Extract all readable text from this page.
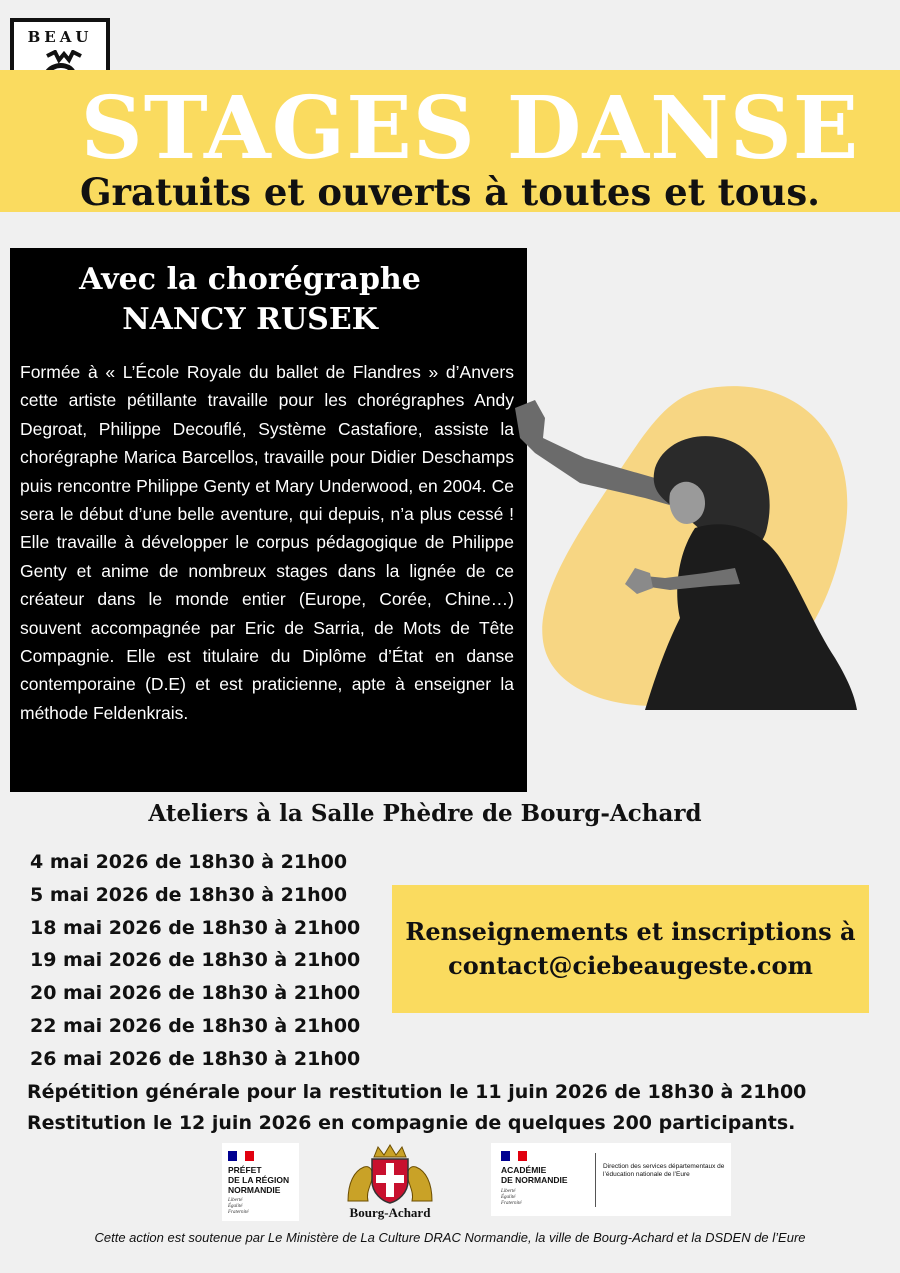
BEAU
STAGES DANSE
Gratuits et ouverts à toutes et tous.
Avec la chorégraphe
NANCY RUSEK

Formée à « L’École Royale du ballet de Flandres » d’Anvers cette artiste pétillante travaille pour les chorégraphes Andy Degroat, Philippe Decouflé, Système Castafiore, assiste la chorégraphe Marica Barcellos, travaille pour Didier Deschamps puis rencontre Philippe Genty et Mary Underwood, en 2004. Ce sera le début d’une belle aventure, qui depuis, n’a plus cessé ! Elle travaille à développer le corpus pédagogique de Philippe Genty et anime de nombreux stages dans la lignée de ce créateur dans le monde entier (Europe, Corée, Chine…) souvent accompagnée par Eric de Sarria, de Mots de Tête Compagnie. Elle est titulaire du Diplôme d’État en danse contemporaine (D.E) et est praticienne, apte à enseigner la méthode Feldenkrais.

Ateliers à la Salle Phèdre de Bourg-Achard
4 mai 2026 de 18h30 à 21h00
5 mai 2026 de 18h30 à 21h00
18 mai 2026 de 18h30 à 21h00
19 mai 2026 de 18h30 à 21h00
20 mai 2026 de 18h30 à 21h00
22 mai 2026 de 18h30 à 21h00
26 mai 2026 de 18h30 à 21h00
Répétition générale pour la restitution le 11 juin 2026 de 18h30 à 21h00
Restitution le 12 juin 2026 en compagnie de quelques 200 participants.
Renseignements et inscriptions à
contact@ciebeaugeste.com
PRÉFET
DE LA RÉGION
NORMANDIE
Liberté
Égalité
Fraternité	Bourg-Achard
ACADÉMIE
DE NORMANDIE
Liberté
Égalité
Fraternité
Direction des services départementaux de l’éducation nationale de l’Eure
Cette action est soutenue par Le Ministère de La Culture DRAC Normandie, la ville de Bourg-Achard et la DSDEN de l’Eure
